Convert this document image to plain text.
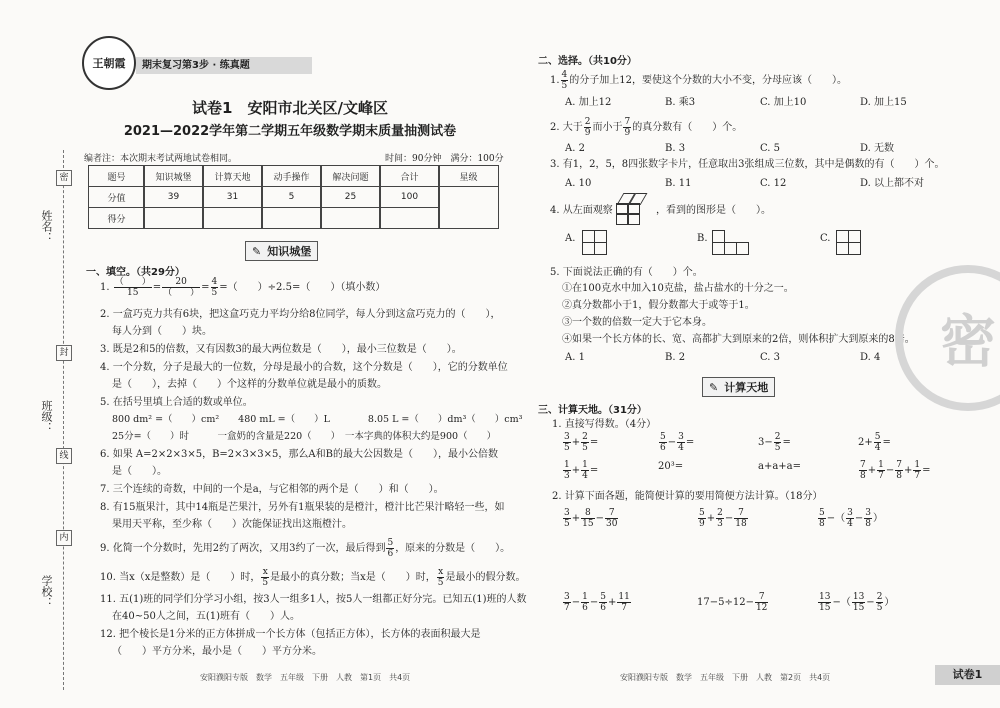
密
封
线
内
姓名：
班级：
学校：
王朝霞	期末复习第3步 · 练真题
试卷1　安阳市北关区/文峰区
2021—2022学年第二学期五年级数学期末质量抽测试卷
编者注：本次期末考试两地试卷相同。	时间：90分钟　满分：100分
题号	知识城堡	计算天地	动手操作	解决问题	合计	星级
分值	39	31	5	25	100
得分
✎ 知识城堡
一、填空。（共29分）
1. $\frac{( )}{15} = \frac{20}{( )} = \frac{4}{5}$ =（　　）÷2.5=（　　）（填小数）
2. 一盒巧克力共有6块，把这盒巧克力平均分给8位同学，每人分到这盒巧克力的（　　），
每人分到（　　）块。
3. 既是2和5的倍数，又有因数3的最大两位数是（　　），最小三位数是（　　）。
4. 一个分数，分子是最大的一位数，分母是最小的合数，这个分数是（　　），它的分数单位
是（　　），去掉（　　）个这样的分数单位就是最小的质数。
5. 在括号里填上合适的数或单位。
800 dm² =（　　）cm²　　480 mL =（　　）L　　　　8.05 L =（　　）dm³（　　）cm³
25分=（　　）时　　　一盒奶的含量是220（　　）　一本字典的体积大约是900（　　）
6. 如果 A=2×2×3×5，B=2×3×3×5，那么A和B的最大公因数是（　　），最小公倍数
是（　　）。
7. 三个连续的奇数，中间的一个是a，与它相邻的两个是（　　）和（　　）。
8. 有15瓶果汁，其中14瓶是芒果汁，另外有1瓶果装的是橙汁，橙汁比芒果汁略轻一些，如
果用天平称，至少称（　　）次能保证找出这瓶橙汁。
9. 化简一个分数时，先用2约了两次，又用3约了一次，最后得到 $\frac{5}{6}$ ，原来的分数是（　　）。
10. 当x（x是整数）是（　　）时， $\frac{x}{5}$ 是最小的真分数；当x是（　　）时， $\frac{x}{5}$ 是最小的假分数。
11. 五(1)班的同学们分学习小组，按3人一组多1人，按5人一组都正好分完。已知五(1)班的人数
在40~50人之间，五(1)班有（　　）人。
12. 把个棱长是1分米的正方体拼成一个长方体（包括正方体），长方体的表面积最大是
（　　）平方分米，最小是（　　）平方分米。
安阳濮阳专版　数学　五年级　下册　人教　第1页　共4页
二、选择。（共10分）
1. $\frac{4}{5}$ 的分子加上12，要使这个分数的大小不变，分母应该（　　）。
A. 加上12	B. 乘3	C. 加上10	D. 加上15
2. 大于 $\frac{2}{9}$ 而小于 $\frac{7}{9}$ 的真分数有（　　）个。
A. 2	B. 3	C. 5	D. 无数
3. 有1，2，5，8四张数字卡片，任意取出3张组成三位数，其中是偶数的有（　　）个。
A. 10	B. 11	C. 12	D. 以上都不对
4. 从左面观察	，看到的图形是（　　）。
A.	B.	C.
5. 下面说法正确的有（　　）个。
①在100克水中加入10克盐，盐占盐水的十分之一。
②真分数都小于1，假分数都大于或等于1。
③一个数的倍数一定大于它本身。
④如果一个长方体的长、宽、高都扩大到原来的2倍，则体积扩大到原来的8倍。
A. 1	B. 2	C. 3	D. 4
✎ 计算天地
三、计算天地。（31分）
1. 直接写得数。（4分）
$\frac{3}{5} + \frac{2}{5}$ =	$\frac{5}{6} - \frac{3}{4}$ =	$3- \frac{2}{5}$ =	$2+ \frac{5}{4}$ =
$\frac{1}{3} + \frac{1}{4}$ =	20³=	a+a+a=	$\frac{7}{8} + \frac{1}{7} - \frac{7}{8} + \frac{1}{7}$ =
2. 计算下面各题，能简便计算的要用简便方法计算。（18分）
$\frac{3}{5} + \frac{8}{15} - \frac{7}{30}$	$\frac{5}{9} + \frac{2}{3} - \frac{7}{18}$	$\frac{5}{8}$ −（ $\frac{3}{4} - \frac{3}{8}$ ）
$\frac{3}{7} - \frac{1}{6} - \frac{5}{6} + \frac{11}{7}$	$17-5\div 12- \frac{7}{12}$	$\frac{13}{15}$ −（ $\frac{13}{15} - \frac{2}{5}$ ）
密
安阳濮阳专版　数学　五年级　下册　人教　第2页　共4页	试卷1
